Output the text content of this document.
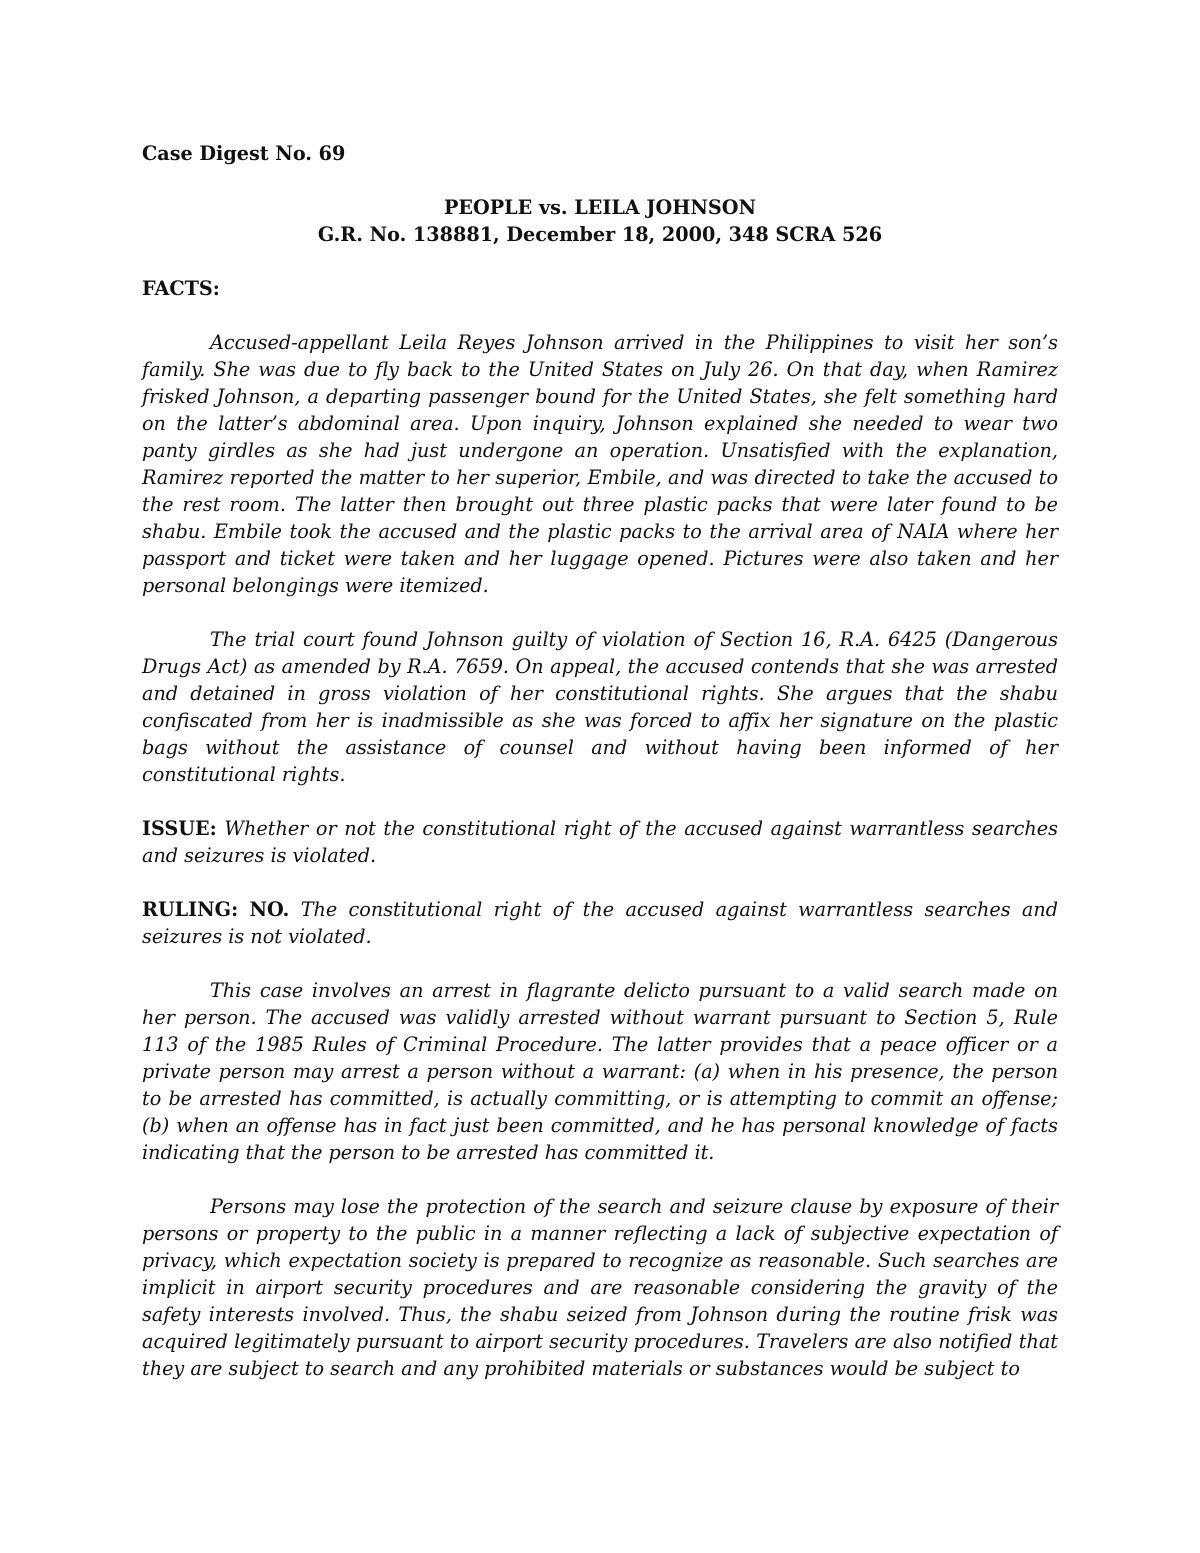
Case Digest No. 69

PEOPLE vs. LEILA JOHNSON
G.R. No. 138881, December 18, 2000, 348 SCRA 526

FACTS:

Accused-appellant Leila Reyes Johnson arrived in the Philippines to visit her son’s family. She was due to fly back to the United States on July 26. On that day, when Ramirez frisked Johnson, a departing passenger bound for the United States, she felt something hard on the latter’s abdominal area. Upon inquiry, Johnson explained she needed to wear two panty girdles as she had just undergone an operation. Unsatisfied with the explanation, Ramirez reported the matter to her superior, Embile, and was directed to take the accused to the rest room. The latter then brought out three plastic packs that were later found to be shabu. Embile took the accused and the plastic packs to the arrival area of NAIA where her passport and ticket were taken and her luggage opened. Pictures were also taken and her personal belongings were itemized.

The trial court found Johnson guilty of violation of Section 16, R.A. 6425 (Dangerous Drugs Act) as amended by R.A. 7659. On appeal, the accused contends that she was arrested and detained in gross violation of her constitutional rights. She argues that the shabu confiscated from her is inadmissible as she was forced to affix her signature on the plastic bags without the assistance of counsel and without having been informed of her constitutional rights.

ISSUE: Whether or not the constitutional right of the accused against warrantless searches and seizures is violated.

RULING: NO. The constitutional right of the accused against warrantless searches and seizures is not violated.

This case involves an arrest in flagrante delicto pursuant to a valid search made on her person. The accused was validly arrested without warrant pursuant to Section 5, Rule 113 of the 1985 Rules of Criminal Procedure. The latter provides that a peace officer or a private person may arrest a person without a warrant: (a) when in his presence, the person to be arrested has committed, is actually committing, or is attempting to commit an offense; (b) when an offense has in fact just been committed, and he has personal knowledge of facts indicating that the person to be arrested has committed it.

Persons may lose the protection of the search and seizure clause by exposure of their persons or property to the public in a manner reflecting a lack of subjective expectation of privacy, which expectation society is prepared to recognize as reasonable. Such searches are implicit in airport security procedures and are reasonable considering the gravity of the safety interests involved. Thus, the shabu seized from Johnson during the routine frisk was acquired legitimately pursuant to airport security procedures. Travelers are also notified that they are subject to search and any prohibited materials or substances would be subject to
